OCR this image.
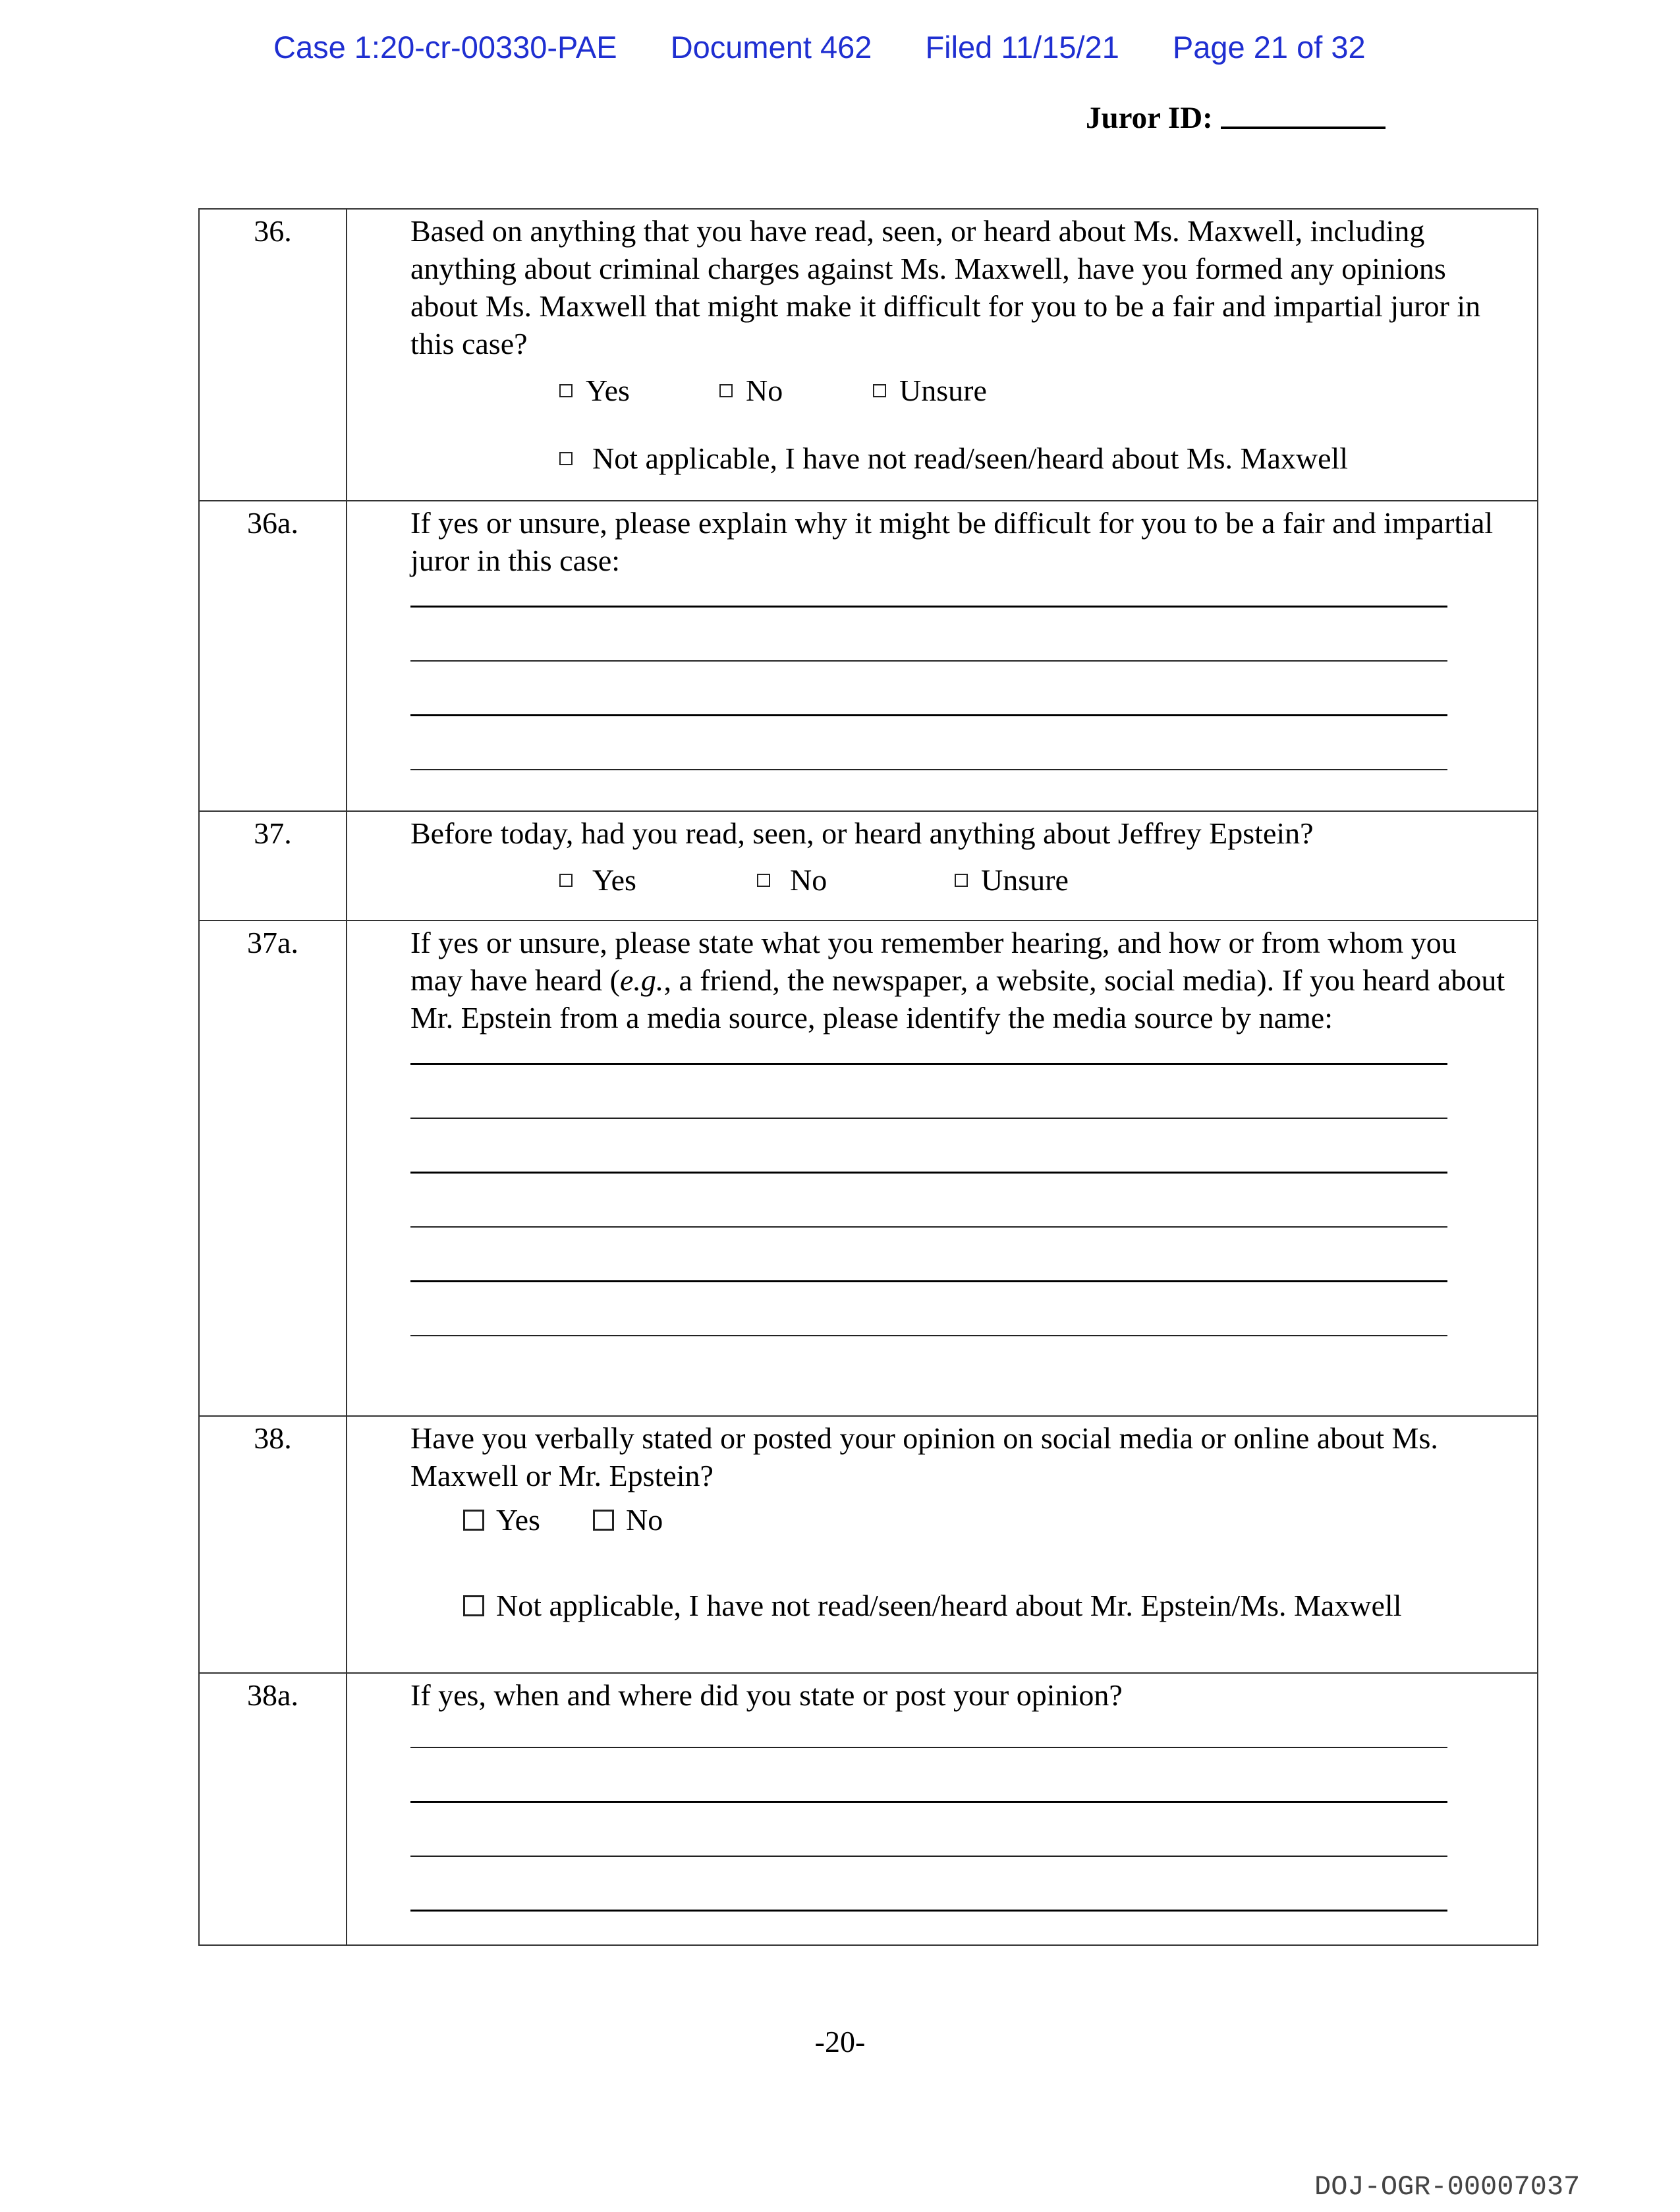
Case 1:20-cr-00330-PAE Document 462 Filed 11/15/21 Page 21 of 32
Juror ID:
36.	Based on anything that you have read, seen, or heard about Ms. Maxwell, including anything about criminal charges against Ms. Maxwell, have you formed any opinions about Ms. Maxwell that might make it difficult for you to be a fair and impartial juror in this case?

Yes No Unsure
Not applicable, I have not read/seen/heard about Ms. Maxwell

36a.	If yes or unsure, please explain why it might be difficult for you to be a fair and impartial juror in this case:

37.	Before today, had you read, seen, or heard anything about Jeffrey Epstein?

Yes No Unsure

37a.	If yes or unsure, please state what you remember hearing, and how or from whom you may have heard (e.g., a friend, the newspaper, a website, social media). If you heard about Mr. Epstein from a media source, please identify the media source by name:

38.	Have you verbally stated or posted your opinion on social media or online about Ms. Maxwell or Mr. Epstein?

Yes No
Not applicable, I have not read/seen/heard about Mr. Epstein/Ms. Maxwell

38a.	If yes, when and where did you state or post your opinion?

-20-
DOJ-OGR-00007037
